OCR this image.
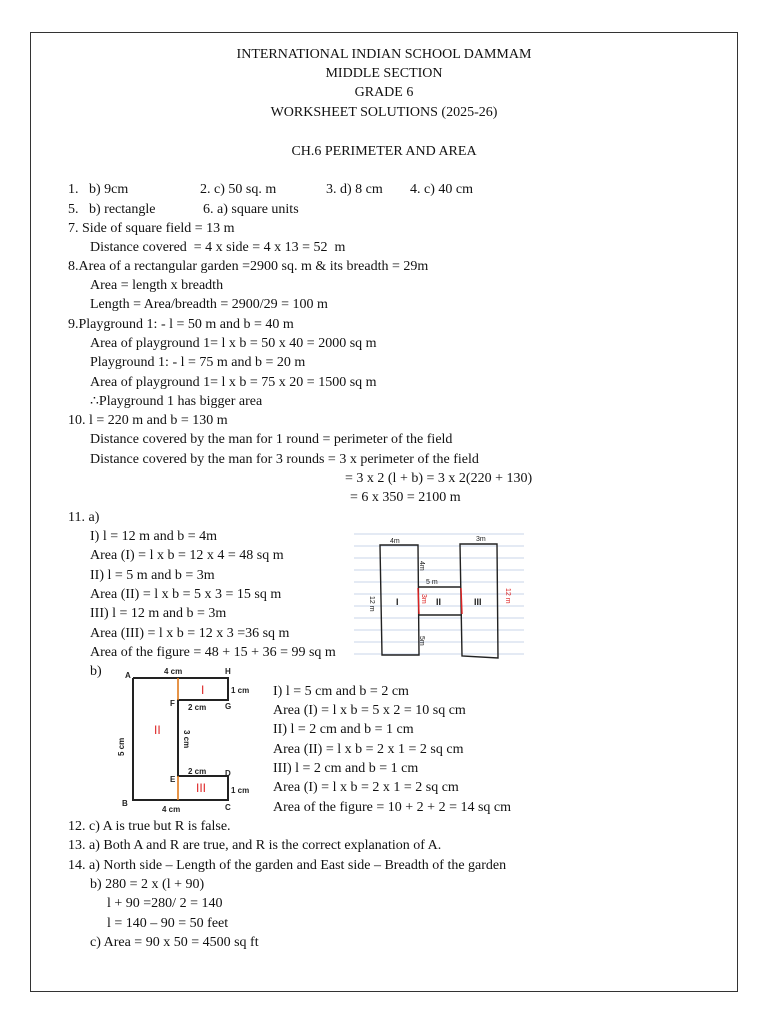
INTERNATIONAL INDIAN SCHOOL DAMMAM
MIDDLE SECTION
GRADE 6
WORKSHEET SOLUTIONS (2025-26)
CH.6 PERIMETER AND AREA
1.   b) 9cm	2. c) 50 sq. m	3. d) 8 cm 4. c) 40 cm
5.   b) rectangle	6. a) square units
7. Side of square field = 13 m
Distance covered  = 4 x side = 4 x 13 = 52  m
8.Area of a rectangular garden =2900 sq. m & its breadth = 29m
Area = length x breadth
Length = Area/breadth = 2900/29 = 100 m
9.Playground 1: - l = 50 m and b = 40 m
Area of playground 1= l x b = 50 x 40 = 2000 sq m
Playground 1: - l = 75 m and b = 20 m
Area of playground 1= l x b = 75 x 20 = 1500 sq m
∴Playground 1 has bigger area
10. l = 220 m and b = 130 m
Distance covered by the man for 1 round = perimeter of the field
Distance covered by the man for 3 rounds = 3 x perimeter of the field
= 3 x 2 (l + b) = 3 x 2(220 + 130)
= 6 x 350 = 2100 m
11. a)
I) l = 12 m and b = 4m
Area (I) = l x b = 12 x 4 = 48 sq m
II) l = 5 m and b = 3m
Area (II) = l x b = 5 x 3 = 15 sq m
III) l = 12 m and b = 3m
Area (III) = l x b = 12 x 3 =36 sq m
Area of the figure = 48 + 15 + 36 = 99 sq m
4m	3m
5 m
4m
5m
12 m
12 m
3m
I	II	III
b)
I) l = 5 cm and b = 2 cm
Area (I) = l x b = 5 x 2 = 10 sq cm
II) l = 2 cm and b = 1 cm
Area (II) = l x b = 2 x 1 = 2 sq cm
III) l = 2 cm and b = 1 cm
Area (I) = l x b = 2 x 1 = 2 sq cm
Area of the figure = 10 + 2 + 2 = 14 sq cm
A	H
F	G
E
D
B	C
4 cm
4 cm
2 cm
2 cm
1 cm
1 cm
5 cm	3 cm
I
II
III
12. c) A is true but R is false.
13. a) Both A and R are true, and R is the correct explanation of A.
14. a) North side – Length of the garden and East side – Breadth of the garden
b) 280 = 2 x (l + 90)
l + 90 =280/ 2 = 140
l = 140 – 90 = 50 feet
c) Area = 90 x 50 = 4500 sq ft
